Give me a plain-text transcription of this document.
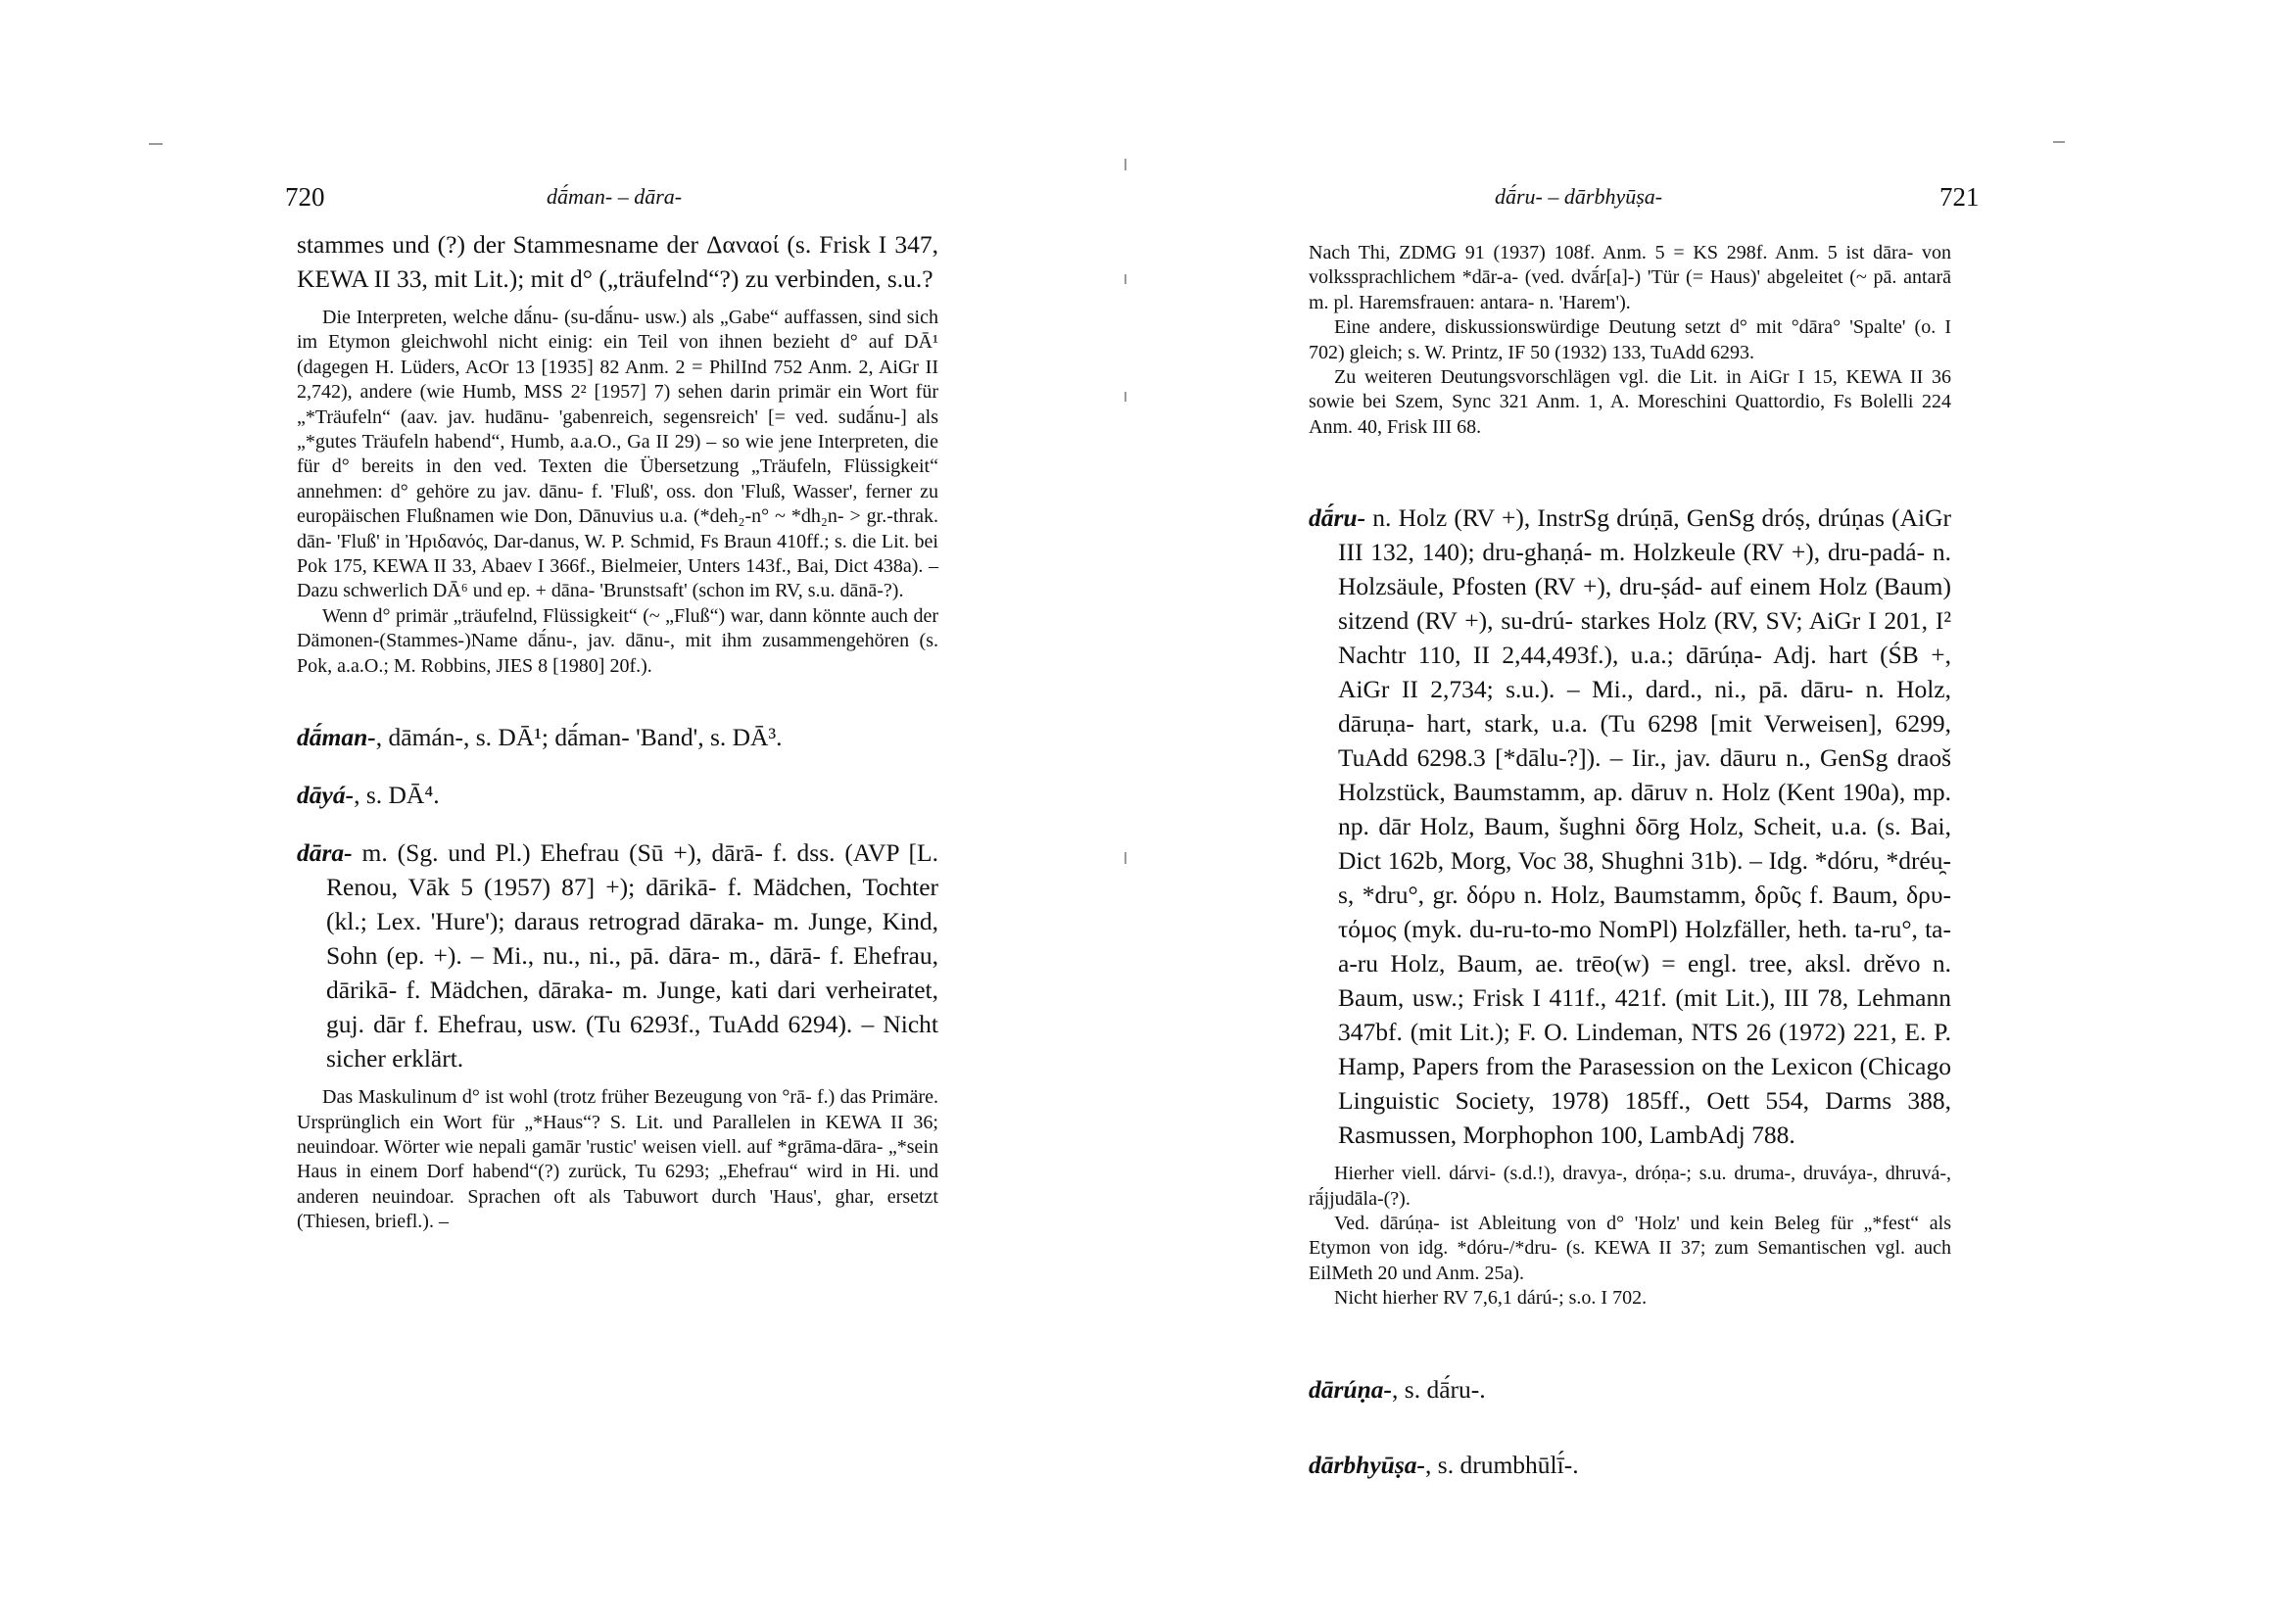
720	dā́man- – dāra-

stammes und (?) der Stammesname der Δαναοί (s. Frisk I 347, KEWA II 33, mit Lit.); mit d° („träufelnd“?) zu verbinden, s.u.?

Die Interpreten, welche dā́nu- (su-dā́nu- usw.) als „Gabe“ auffassen, sind sich im Etymon gleichwohl nicht einig: ein Teil von ihnen bezieht d° auf DĀ¹ (dagegen H. Lüders, AcOr 13 [1935] 82 Anm. 2 = PhilInd 752 Anm. 2, AiGr II 2,742), andere (wie Humb, MSS 2² [1957] 7) sehen darin primär ein Wort für „*Träufeln“ (aav. jav. hudānu- 'gabenreich, segensreich' [= ved. sudā́nu-] als „*gutes Träufeln habend“, Humb, a.a.O., Ga II 29) – so wie jene Interpreten, die für d° bereits in den ved. Texten die Übersetzung „Träufeln, Flüssigkeit“ annehmen: d° gehöre zu jav. dānu- f. 'Fluß', oss. don 'Fluß, Wasser', ferner zu europäischen Flußnamen wie Don, Dānuvius u.a. (*deh₂-n° ~ *dh₂n- > gr.-thrak. dān- 'Fluß' in Ἠριδανός, Dar-danus, W. P. Schmid, Fs Braun 410ff.; s. die Lit. bei Pok 175, KEWA II 33, Abaev I 366f., Bielmeier, Unters 143f., Bai, Dict 438a). – Dazu schwerlich DĀ⁶ und ep. + dāna- 'Brunstsaft' (schon im RV, s.u. dānā-?).

Wenn d° primär „träufelnd, Flüssigkeit“ (~ „Fluß“) war, dann könnte auch der Dämonen-(Stammes-)Name dā́nu-, jav. dānu-, mit ihm zusammengehören (s. Pok, a.a.O.; M. Robbins, JIES 8 [1980] 20f.).

dā́man-, dāmán-, s. DĀ¹; dā́man- 'Band', s. DĀ³.

dāyá-, s. DĀ⁴.

dāra- m. (Sg. und Pl.) Ehefrau (Sū +), dārā- f. dss. (AVP [L. Renou, Vāk 5 (1957) 87] +); dārikā- f. Mädchen, Tochter (kl.; Lex. 'Hure'); daraus retrograd dāraka- m. Junge, Kind, Sohn (ep. +). – Mi., nu., ni., pā. dāra- m., dārā- f. Ehefrau, dārikā- f. Mädchen, dāraka- m. Junge, kati dari verheiratet, guj. dār f. Ehefrau, usw. (Tu 6293f., TuAdd 6294). – Nicht sicher erklärt.

Das Maskulinum d° ist wohl (trotz früher Bezeugung von °rā- f.) das Primäre. Ursprünglich ein Wort für „*Haus“? S. Lit. und Parallelen in KEWA II 36; neuindoar. Wörter wie nepali gamār 'rustic' weisen viell. auf *grāma-dāra- „*sein Haus in einem Dorf habend“(?) zurück, Tu 6293; „Ehefrau“ wird in Hi. und anderen neuindoar. Sprachen oft als Tabuwort durch 'Haus', ghar, ersetzt (Thiesen, briefl.). –

dā́ru- – dārbhyūṣa-	721

Nach Thi, ZDMG 91 (1937) 108f. Anm. 5 = KS 298f. Anm. 5 ist dāra- von volkssprachlichem *dār-a- (ved. dvā́r[a]-) 'Tür (= Haus)' abgeleitet (~ pā. antarā m. pl. Haremsfrauen: antara- n. 'Harem').

Eine andere, diskussionswürdige Deutung setzt d° mit °dāra° 'Spalte' (o. I 702) gleich; s. W. Printz, IF 50 (1932) 133, TuAdd 6293.

Zu weiteren Deutungsvorschlägen vgl. die Lit. in AiGr I 15, KEWA II 36 sowie bei Szem, Sync 321 Anm. 1, A. Moreschini Quattordio, Fs Bolelli 224 Anm. 40, Frisk III 68.

dā́ru- n. Holz (RV +), InstrSg drúṇā, GenSg dróṣ, drúṇas (AiGr III 132, 140); dru-ghaṇá- m. Holzkeule (RV +), dru-padá- n. Holzsäule, Pfosten (RV +), dru-ṣád- auf einem Holz (Baum) sitzend (RV +), su-drú- starkes Holz (RV, SV; AiGr I 201, I² Nachtr 110, II 2,44,493f.), u.a.; dārúṇa- Adj. hart (ŚB +, AiGr II 2,734; s.u.). – Mi., dard., ni., pā. dāru- n. Holz, dāruṇa- hart, stark, u.a. (Tu 6298 [mit Verweisen], 6299, TuAdd 6298.3 [*dālu-?]). – Iir., jav. dāuru n., GenSg draoš Holzstück, Baumstamm, ap. dāruv n. Holz (Kent 190a), mp. np. dār Holz, Baum, šughni δōrg Holz, Scheit, u.a. (s. Bai, Dict 162b, Morg, Voc 38, Shughni 31b). – Idg. *dóru, *dréu̯-s, *dru°, gr. δόρυ n. Holz, Baumstamm, δρῦς f. Baum, δρυ-τόμος (myk. du-ru-to-mo NomPl) Holzfäller, heth. ta-ru°, ta-a-ru Holz, Baum, ae. trēo(w) = engl. tree, aksl. drěvo n. Baum, usw.; Frisk I 411f., 421f. (mit Lit.), III 78, Lehmann 347bf. (mit Lit.); F. O. Lindeman, NTS 26 (1972) 221, E. P. Hamp, Papers from the Parasession on the Lexicon (Chicago Linguistic Society, 1978) 185ff., Oett 554, Darms 388, Rasmussen, Morphophon 100, LambAdj 788.

Hierher viell. dárvi- (s.d.!), dravya-, dróṇa-; s.u. druma-, druváya-, dhruvá-, rā́jjudāla-(?).

Ved. dārúṇa- ist Ableitung von d° 'Holz' und kein Beleg für „*fest“ als Etymon von idg. *dóru-/*dru- (s. KEWA II 37; zum Semantischen vgl. auch EilMeth 20 und Anm. 25a).

Nicht hierher RV 7,6,1 dárú-; s.o. I 702.

dārúṇa-, s. dā́ru-.

dārbhyūṣa-, s. drumbhūlī́-.
